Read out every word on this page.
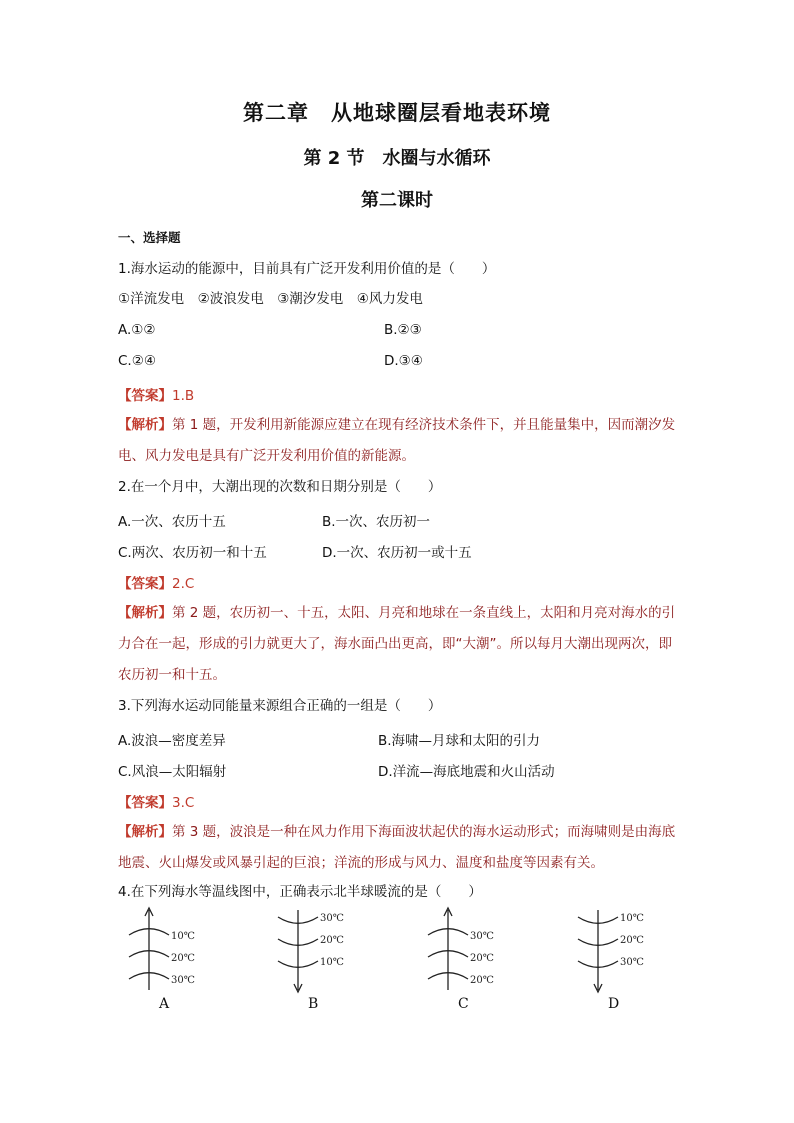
第二章　从地球圈层看地表环境
第 2 节　水圈与水循环
第二课时
一、选择题
1.海水运动的能源中，目前具有广泛开发利用价值的是（　　）
①洋流发电　②波浪发电　③潮汐发电　④风力发电
A.①②	B.②③
C.②④	D.③④
【答案】1.B
【解析】第 1 题，开发利用新能源应建立在现有经济技术条件下，并且能量集中，因而潮汐发电、风力发电是具有广泛开发利用价值的新能源。
2.在一个月中，大潮出现的次数和日期分别是（　　）
A.一次、农历十五	B.一次、农历初一
C.两次、农历初一和十五	D.一次、农历初一或十五
【答案】2.C
【解析】第 2 题，农历初一、十五，太阳、月亮和地球在一条直线上，太阳和月亮对海水的引力合在一起，形成的引力就更大了，海水面凸出更高，即“大潮”。所以每月大潮出现两次，即农历初一和十五。
3.下列海水运动同能量来源组合正确的一组是（　　）
A.波浪—密度差异	B.海啸—月球和太阳的引力
C.风浪—太阳辐射	D.洋流—海底地震和火山活动
【答案】3.C
【解析】第 3 题，波浪是一种在风力作用下海面波状起伏的海水运动形式；而海啸则是由海底地震、火山爆发或风暴引起的巨浪；洋流的形成与风力、温度和盐度等因素有关。
4.在下列海水等温线图中，正确表示北半球暖流的是（　　）
10℃
20℃
30℃
A
30℃
20℃
10℃
B
30℃
20℃
20℃
C
10℃
20℃
30℃
D
